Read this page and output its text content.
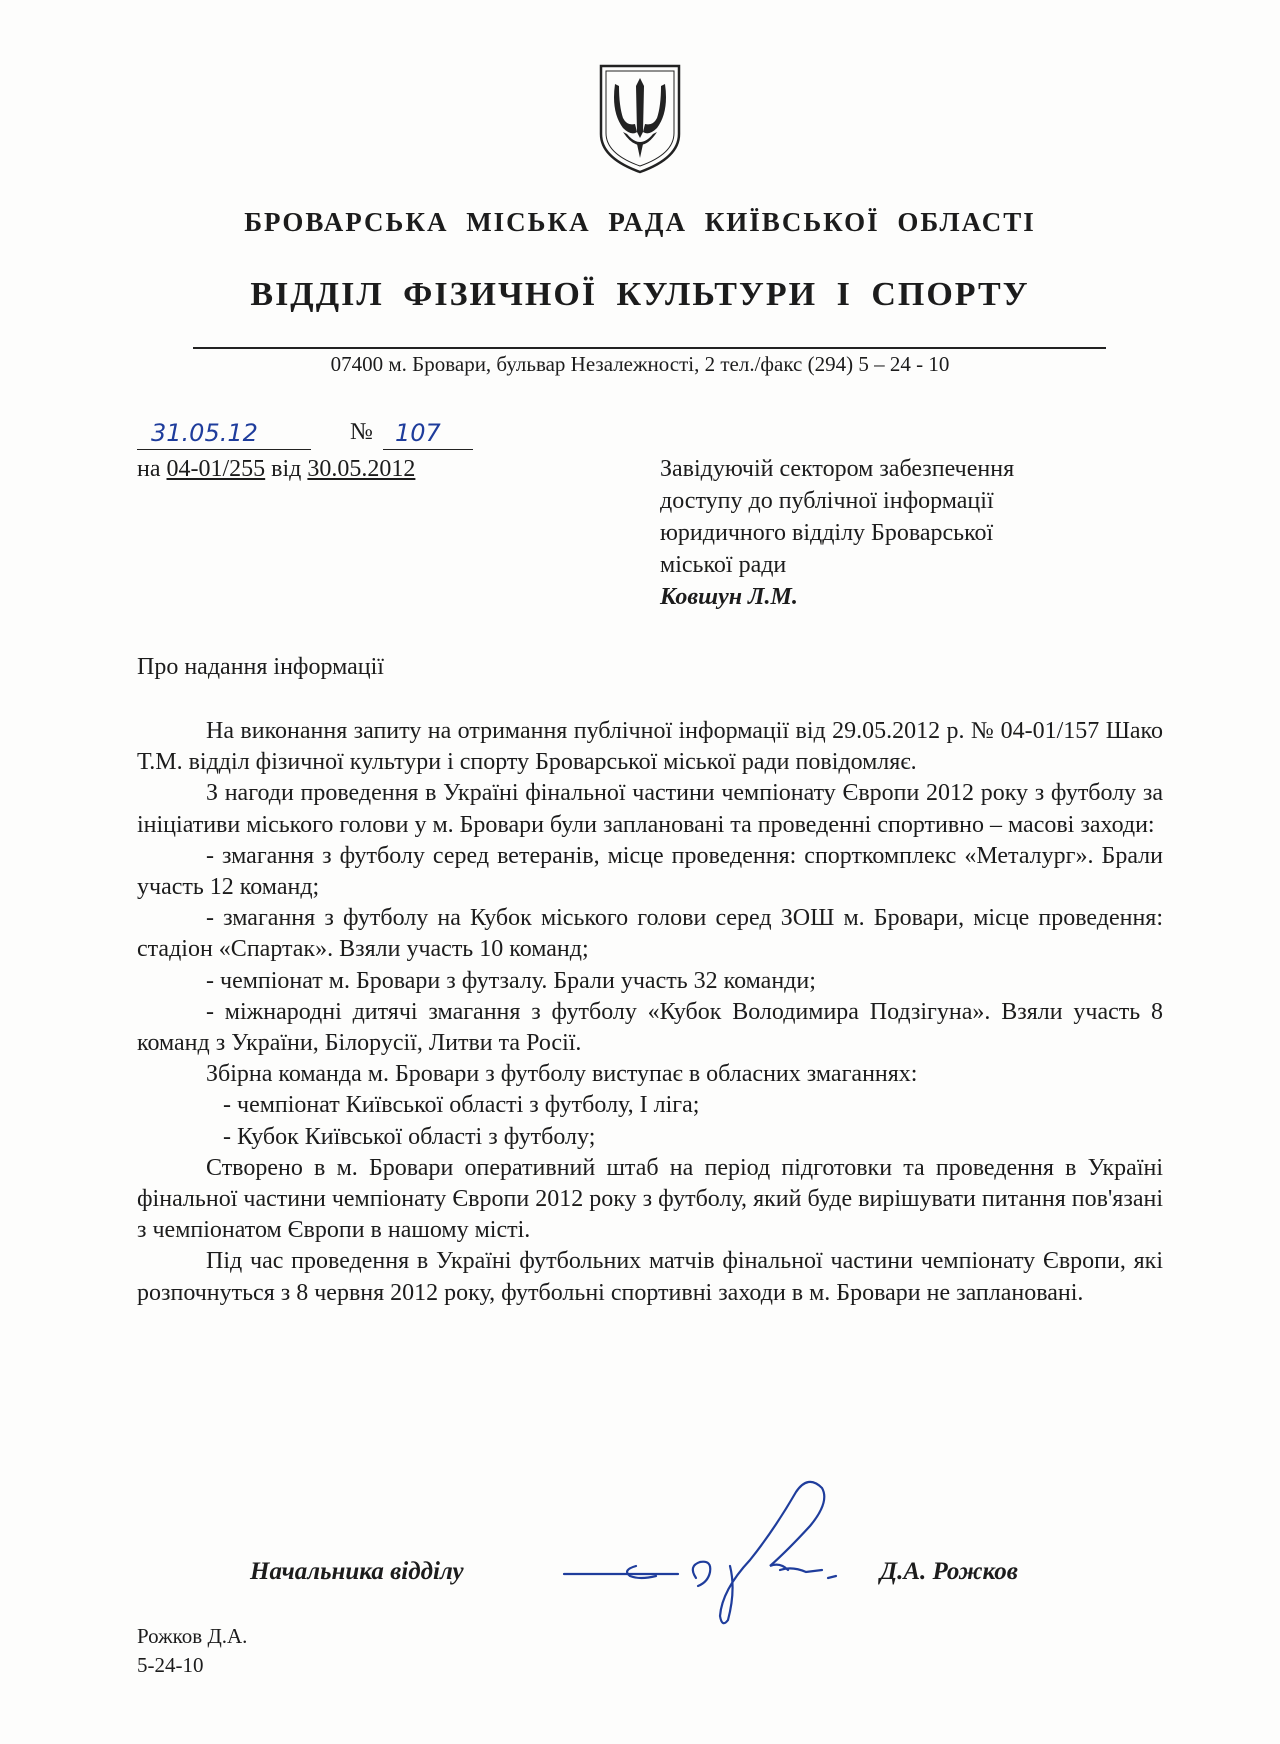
БРОВАРСЬКА МІСЬКА РАДА КИЇВСЬКОЇ ОБЛАСТІ
ВІДДІЛ ФІЗИЧНОЇ КУЛЬТУРИ І СПОРТУ
07400 м. Бровари, бульвар Незалежності, 2 тел./факс (294) 5 – 24 - 10
31.05.12	№ 107
на 04-01/255 від 30.05.2012	Завідуючій сектором забезпечення
доступу до публічної інформації
юридичного відділу Броварської
міської ради
Ковшун Л.М.
Про надання інформації

На виконання запиту на отримання публічної інформації від 29.05.2012 р. № 04-01/157 Шако Т.М. відділ фізичної культури і спорту Броварської міської ради повідомляє.

З нагоди проведення в Україні фінальної частини чемпіонату Європи 2012 року з футболу за ініціативи міського голови у м. Бровари були заплановані та проведенні спортивно – масові заходи:

- змагання з футболу серед ветеранів, місце проведення: спорткомплекс «Металург». Брали участь 12 команд;

- змагання з футболу на Кубок міського голови серед ЗОШ м. Бровари, місце проведення: стадіон «Спартак». Взяли участь 10 команд;

- чемпіонат м. Бровари з футзалу. Брали участь 32 команди;

- міжнародні дитячі змагання з футболу «Кубок Володимира Подзігуна». Взяли участь 8 команд з України, Білорусії, Литви та Росії.

Збірна команда м. Бровари з футболу виступає в обласних змаганнях:

- чемпіонат Київської області з футболу, І ліга;

- Кубок Київської області з футболу;

Створено в м. Бровари оперативний штаб на період підготовки та проведення в Україні фінальної частини чемпіонату Європи 2012 року з футболу, який буде вирішувати питання пов'язані з чемпіонатом Європи в нашому місті.

Під час проведення в Україні футбольних матчів фінальної частини чемпіонату Європи, які розпочнуться з 8 червня 2012 року, футбольні спортивні заходи в м. Бровари не заплановані.

Начальника відділу	Д.А. Рожков
Рожков Д.А.
5-24-10
